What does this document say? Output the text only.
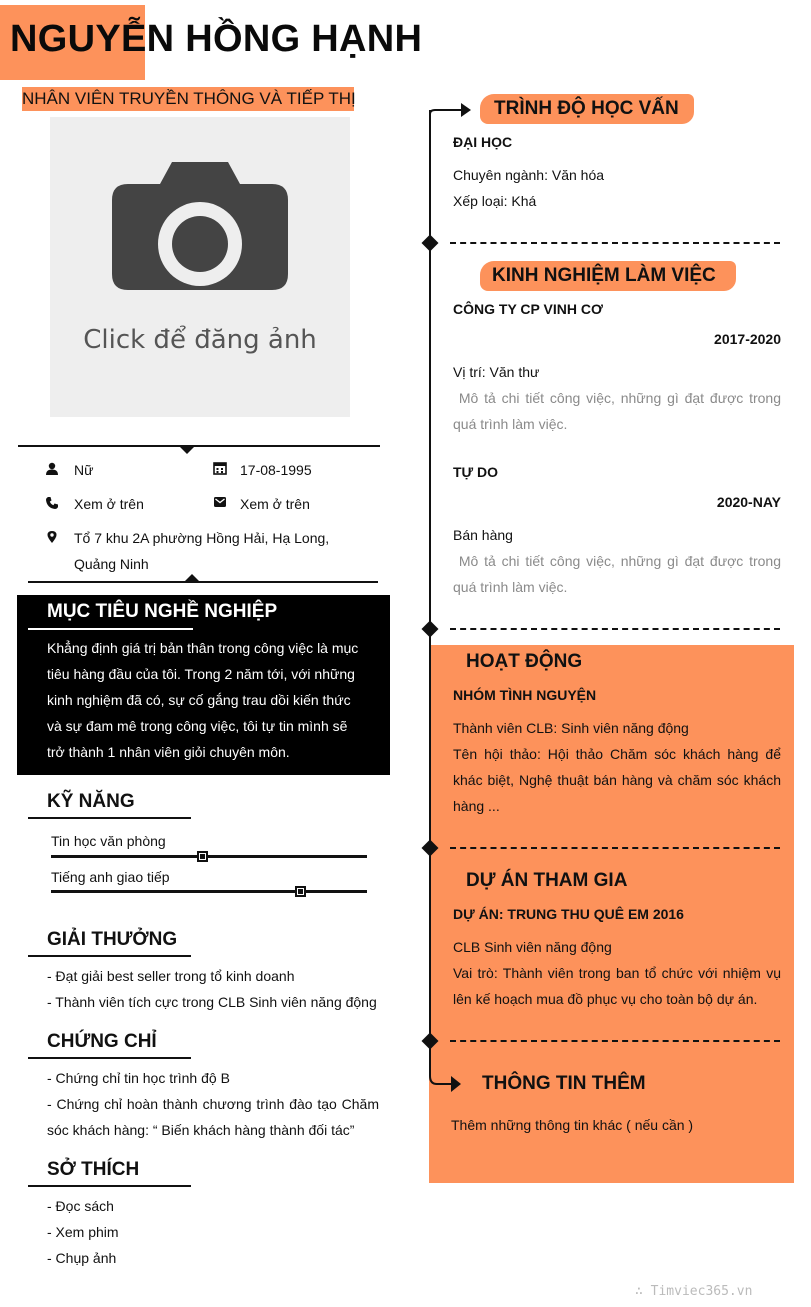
NGUYỄN HỒNG HẠNH
NHÂN VIÊN TRUYỀN THÔNG VÀ TIẾP THỊ
Click để đăng ảnh
Nữ	17-08-1995
Xem ở trên	Xem ở trên
Tổ 7 khu 2A phường Hồng Hải, Hạ Long,
Quảng Ninh
MỤC TIÊU NGHỀ NGHIỆP
Khẳng định giá trị bản thân trong công việc là mục
tiêu hàng đầu của tôi. Trong 2 năm tới, với những
kinh nghiệm đã có, sự cố gắng trau dồi kiến thức
và sự đam mê trong công việc, tôi tự tin mình sẽ
trở thành 1 nhân viên giỏi chuyên môn.
KỸ NĂNG
Tin học văn phòng
Tiếng anh giao tiếp
GIẢI THƯỞNG
- Đạt giải best seller trong tổ kinh doanh
- Thành viên tích cực trong CLB Sinh viên năng động
CHỨNG CHỈ
- Chứng chỉ tin học trình độ B
- Chứng chỉ hoàn thành chương trình đào tạo Chăm
sóc khách hàng: “ Biến khách hàng thành đối tác”
SỞ THÍCH
- Đọc sách
- Xem phim
- Chụp ảnh
TRÌNH ĐỘ HỌC VẤN
ĐẠI HỌC
Chuyên ngành: Văn hóa
Xếp loại: Khá
KINH NGHIỆM LÀM VIỆC
CÔNG TY CP VINH CƠ
2017-2020
Vị trí: Văn thư
Mô tả chi tiết công việc, những gì đạt được trong
quá trình làm việc.
TỰ DO
2020-NAY
Bán hàng
Mô tả chi tiết công việc, những gì đạt được trong
quá trình làm việc.
HOẠT ĐỘNG
NHÓM TÌNH NGUYỆN
Thành viên CLB: Sinh viên năng động
Tên hội thảo: Hội thảo Chăm sóc khách hàng để
khác biệt, Nghệ thuật bán hàng và chăm sóc khách
hàng ...
DỰ ÁN THAM GIA
DỰ ÁN: TRUNG THU QUÊ EM 2016
CLB Sinh viên năng động
Vai trò: Thành viên trong ban tổ chức với nhiệm vụ
lên kế hoạch mua đồ phục vụ cho toàn bộ dự án.
THÔNG TIN THÊM
Thêm những thông tin khác ( nếu cần )
∴ Timviec365.vn
